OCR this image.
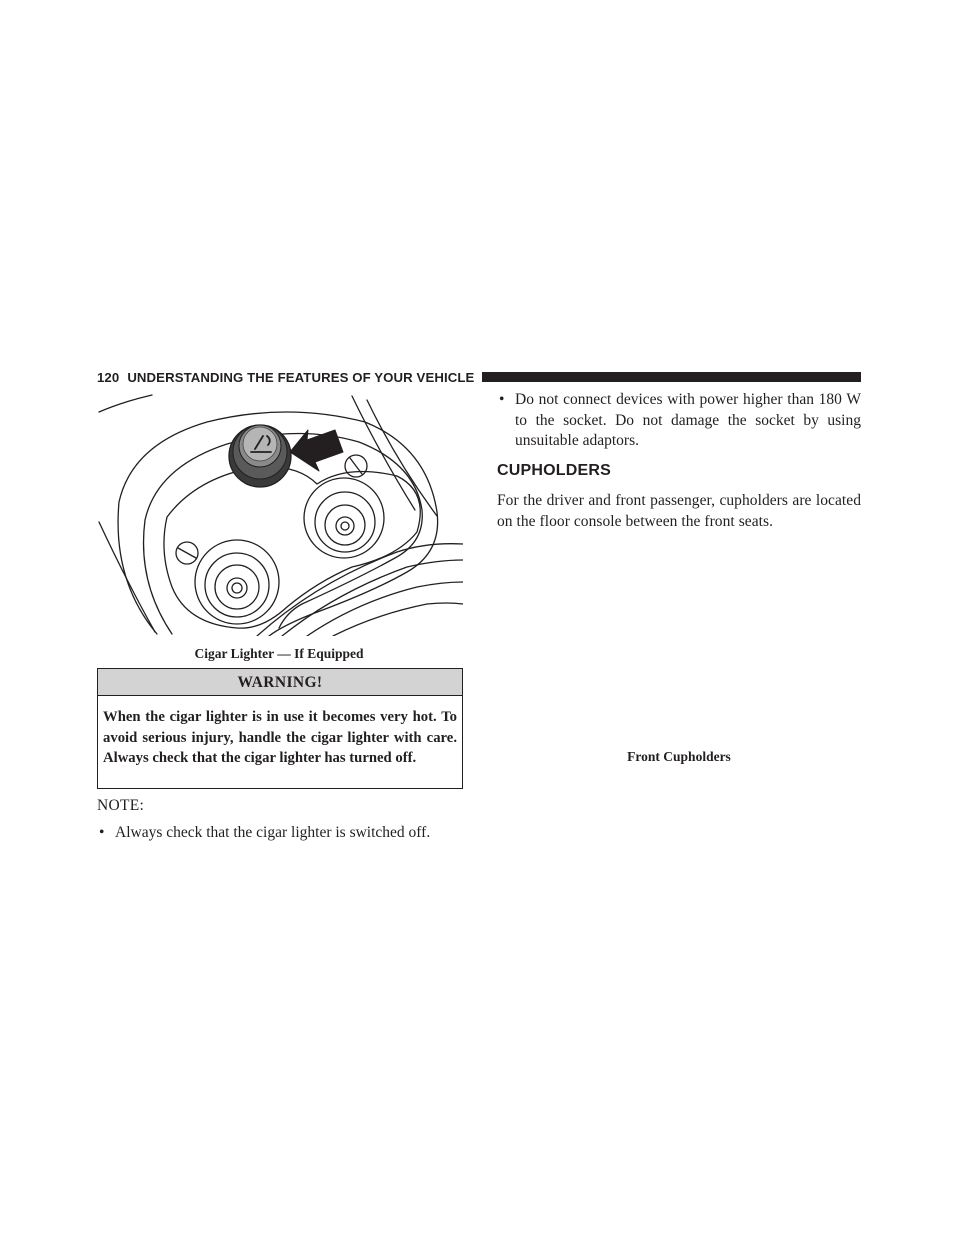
120 UNDERSTANDING THE FEATURES OF YOUR VEHICLE
Cigar Lighter — If Equipped
WARNING!
When the cigar lighter is in use it becomes very hot. To avoid serious injury, handle the cigar lighter with care. Always check that the cigar lighter has turned off.
NOTE:
• Always check that the cigar lighter is switched off.
• Do not connect devices with power higher than 180 W to the socket. Do not damage the socket by using unsuitable adaptors.
CUPHOLDERS
For the driver and front passenger, cupholders are located on the floor console between the front seats.
Front Cupholders
